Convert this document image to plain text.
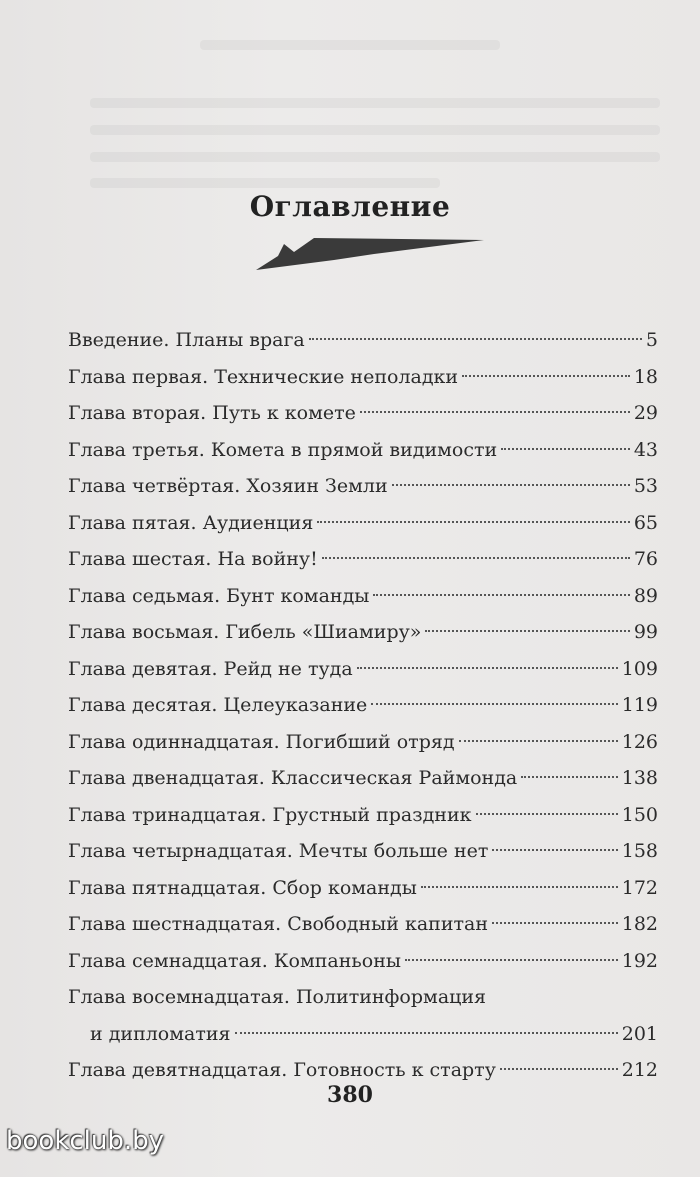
Оглавление
Введение. Планы врага	5
Глава первая. Технические неполадки	18
Глава вторая. Путь к комете	29
Глава третья. Комета в прямой видимости	43
Глава четвёртая. Хозяин Земли	53
Глава пятая. Аудиенция	65
Глава шестая. На войну!	76
Глава седьмая. Бунт команды	89
Глава восьмая. Гибель «Шиамиру»	99
Глава девятая. Рейд не туда	109
Глава десятая. Целеуказание	119
Глава одиннадцатая. Погибший отряд	126
Глава двенадцатая. Классическая Раймонда	138
Глава тринадцатая. Грустный праздник	150
Глава четырнадцатая. Мечты больше нет	158
Глава пятнадцатая. Сбор команды	172
Глава шестнадцатая. Свободный капитан	182
Глава семнадцатая. Компаньоны	192
Глава восемнадцатая. Политинформация
и дипломатия	201
Глава девятнадцатая. Готовность к старту	212
380
bookclub.by
